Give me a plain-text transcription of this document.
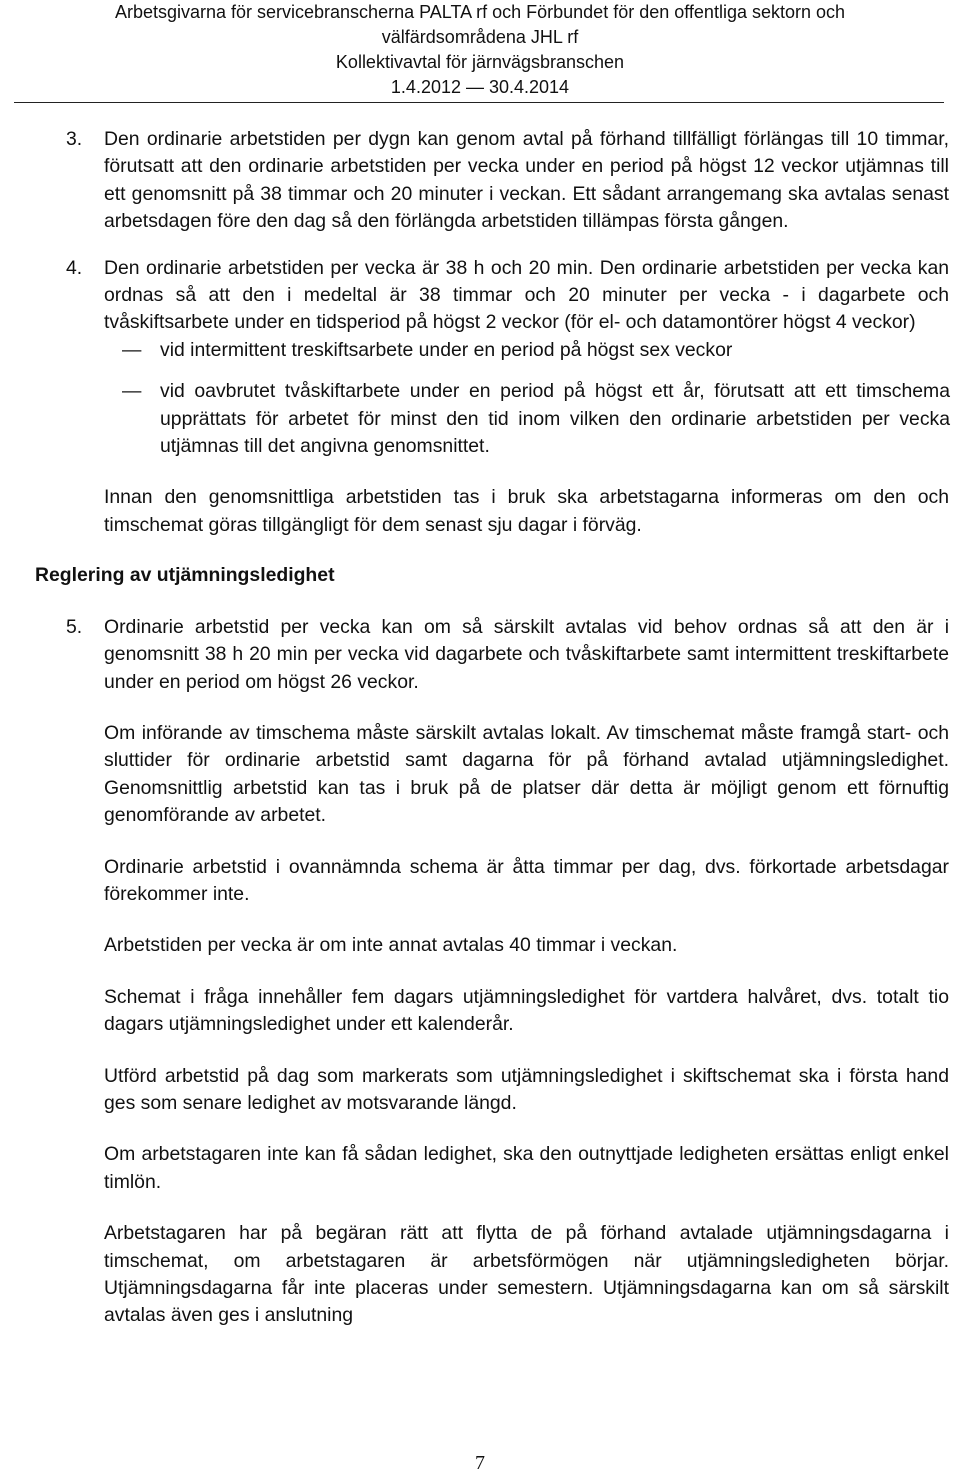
Arbetsgivarna för servicebranscherna PALTA rf och Förbundet för den offentliga sektorn och
välfärdsområdena JHL rf
Kollektivavtal för järnvägsbranschen
1.4.2012 — 30.4.2014
3. Den ordinarie arbetstiden per dygn kan genom avtal på förhand tillfälligt förlängas till 10 timmar, förutsatt att den ordinarie arbetstiden per vecka under en period på högst 12 veckor utjämnas till ett genomsnitt på 38 timmar och 20 minuter i veckan. Ett sådant arrangemang ska avtalas senast arbetsdagen före den dag så den förlängda arbetstiden tillämpas första gången.
4. Den ordinarie arbetstiden per vecka är 38 h och 20 min. Den ordinarie arbetstiden per vecka kan ordnas så att den i medeltal är 38 timmar och 20 minuter per vecka - i dagarbete och tvåskiftsarbete under en tidsperiod på högst 2 veckor (för el- och datamontörer högst 4 veckor)
— vid intermittent treskiftsarbete under en period på högst sex veckor
— vid oavbrutet tvåskiftarbete under en period på högst ett år, förutsatt att ett timschema upprättats för arbetet för minst den tid inom vilken den ordinarie arbetstiden per vecka utjämnas till det angivna genomsnittet.
Innan den genomsnittliga arbetstiden tas i bruk ska arbetstagarna informeras om den och timschemat göras tillgängligt för dem senast sju dagar i förväg.
Reglering av utjämningsledighet
5. Ordinarie arbetstid per vecka kan om så särskilt avtalas vid behov ordnas så att den är i genomsnitt 38 h 20 min per vecka vid dagarbete och tvåskiftarbete samt intermittent treskiftarbete under en period om högst 26 veckor.
Om införande av timschema måste särskilt avtalas lokalt. Av timschemat måste framgå start- och sluttider för ordinarie arbetstid samt dagarna för på förhand avtalad utjämningsledighet. Genomsnittlig arbetstid kan tas i bruk på de platser där detta är möjligt genom ett förnuftig genomförande av arbetet.
Ordinarie arbetstid i ovannämnda schema är åtta timmar per dag, dvs. förkortade arbetsdagar förekommer inte.
Arbetstiden per vecka är om inte annat avtalas 40 timmar i veckan.
Schemat i fråga innehåller fem dagars utjämningsledighet för vartdera halvåret, dvs. totalt tio dagars utjämningsledighet under ett kalenderår.
Utförd arbetstid på dag som markerats som utjämningsledighet i skiftschemat ska i första hand ges som senare ledighet av motsvarande längd.
Om arbetstagaren inte kan få sådan ledighet, ska den outnyttjade ledigheten ersättas enligt enkel timlön.
Arbetstagaren har på begäran rätt att flytta de på förhand avtalade utjämningsdagarna i timschemat, om arbetstagaren är arbetsförmögen när utjämningsledigheten börjar. Utjämningsdagarna får inte placeras under semestern. Utjämningsdagarna kan om så särskilt avtalas även ges i anslutning
7
